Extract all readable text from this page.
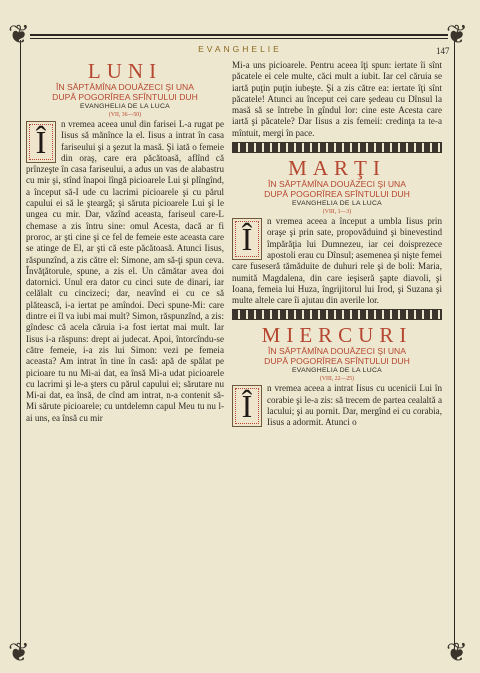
❦	❦
❦	❦
EVANGHELIE	147
LUNI
ÎN SĂPTĂMÎNA DOUĂZECI ŞI UNA
DUPĂ POGORÎREA SFÎNTULUI DUH
EVANGHELIA DE LA LUCA
(VII, 36—50)
Î	n vremea aceea unul din farisei L-a rugat pe Iisus să mănînce la el. Iisus a intrat în casa fariseului şi a şezut la masă. Şi iată o femeie din oraş, care era păcătoasă, aflînd că prînzeşte în casa fariseului, a adus un vas de alabastru cu mir şi, stînd înapoi lîngă picioarele Lui şi plîngînd, a început să-I ude cu lacrimi picioarele şi cu părul capului ei să le şteargă; şi săruta picioarele Lui şi le ungea cu mir. Dar, văzînd aceasta, fariseul care-L chemase a zis întru sine: omul Acesta, dacă ar fi proroc, ar şti cine şi ce fel de femeie este aceasta care se atinge de El, ar şti că este păcătoasă. Atunci Iisus, răspunzînd, a zis către el: Simone, am să-ţi spun ceva. Învăţătorule, spune, a zis el. Un cămătar avea doi datornici. Unul era dator cu cinci sute de dinari, iar celălalt cu cincizeci; dar, neavînd ei cu ce să plătească, i-a iertat pe amîndoi. Deci spune-Mi: care dintre ei îl va iubi mai mult? Simon, răspunzînd, a zis: gîndesc că acela căruia i-a fost iertat mai mult. Iar Iisus i-a răspuns: drept ai judecat. Apoi, întorcîndu-se către femeie, i-a zis lui Simon: vezi pe femeia aceasta? Am intrat în tine în casă: apă de spălat pe picioare tu nu Mi-ai dat, ea însă Mi-a udat picioarele cu lacrimi şi le-a şters cu părul capului ei; sărutare nu Mi-ai dat, ea însă, de cînd am intrat, n-a contenit să-Mi sărute picioarele; cu untdelemn capul Meu tu nu l-ai uns, ea însă cu mir
Mi-a uns picioarele. Pentru aceea îţi spun: iertate îi sînt păcatele ei cele multe, căci mult a iubit. Iar cel căruia se iartă puţin puţin iubeşte. Şi a zis către ea: iertate îţi sînt păcatele! Atunci au început cei care şedeau cu Dînsul la masă să se întrebe în gîndul lor: cine este Acesta care iartă şi păcatele? Dar Iisus a zis femeii: credinţa ta te-a mîntuit, mergi în pace.
MARŢI
ÎN SĂPTĂMÎNA DOUĂZECI ŞI UNA
DUPĂ POGORÎREA SFÎNTULUI DUH
EVANGHELIA DE LA LUCA
(VIII, 1—3)
Î	n vremea aceea a început a umbla Iisus prin oraşe şi prin sate, propovăduind şi binevestind împărăţia lui Dumnezeu, iar cei doisprezece apostoli erau cu Dînsul; asemenea şi nişte femei care fuseseră tămăduite de duhuri rele şi de boli: Maria, numită Magdalena, din care ieşiseră şapte diavoli, şi Ioana, femeia lui Huza, îngrijitorul lui Irod, şi Suzana şi multe altele care îi ajutau din averile lor.
MIERCURI
ÎN SĂPTĂMÎNA DOUĂZECI ŞI UNA
DUPĂ POGORÎREA SFÎNTULUI DUH
EVANGHELIA DE LA LUCA
(VIII, 22—25)
Î	n vremea aceea a intrat Iisus cu ucenicii Lui în corabie şi le-a zis: să trecem de partea cealaltă a lacului; şi au pornit. Dar, mergînd ei cu corabia, Iisus a adormit. Atunci o
